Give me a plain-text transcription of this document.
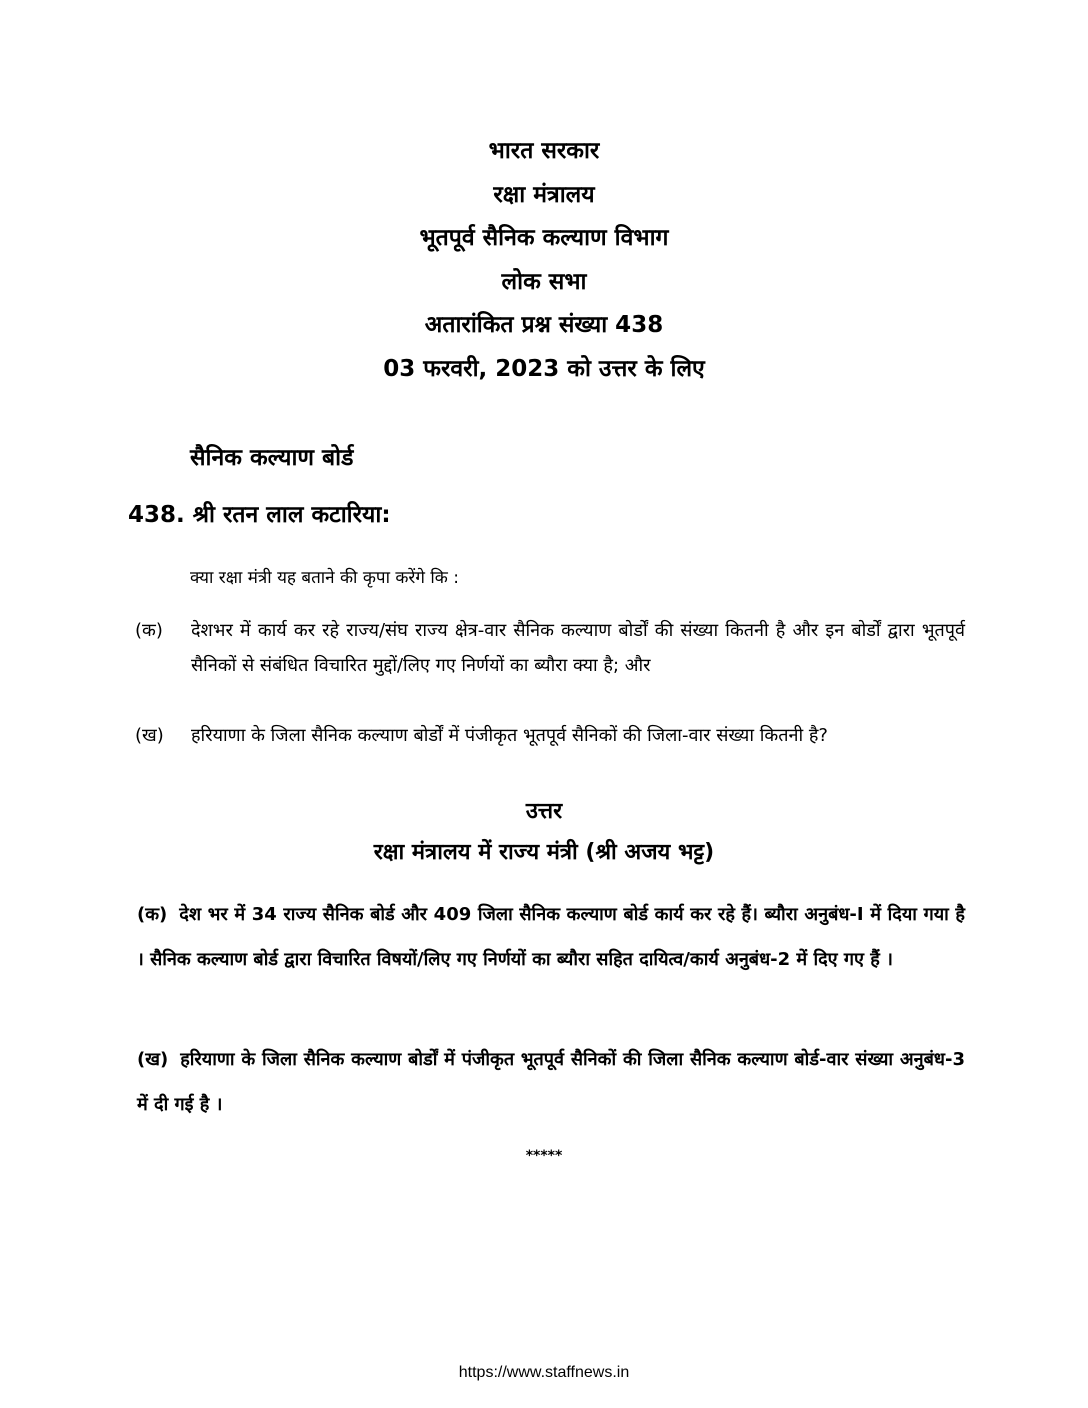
भारत सरकार
रक्षा मंत्रालय
भूतपूर्व सैनिक कल्याण विभाग
लोक सभा
अतारांकित प्रश्न संख्या 438
03 फरवरी, 2023 को उत्तर के लिए
सैनिक कल्याण बोर्ड
438. श्री रतन लाल कटारिया:
क्या रक्षा मंत्री यह बताने की कृपा करेंगे कि :
(क) देशभर में कार्य कर रहे राज्य/संघ राज्य क्षेत्र-वार सैनिक कल्याण बोर्डों की संख्या कितनी है और इन बोर्डों द्वारा भूतपूर्व सैनिकों से संबंधित विचारित मुद्दों/लिए गए निर्णयों का ब्यौरा क्या है; और
(ख) हरियाणा के जिला सैनिक कल्याण बोर्डों में पंजीकृत भूतपूर्व सैनिकों की जिला-वार संख्या कितनी है?
उत्तर
रक्षा मंत्रालय में राज्य मंत्री (श्री अजय भट्ट)
(क) देश भर में 34 राज्य सैनिक बोर्ड और 409 जिला सैनिक कल्याण बोर्ड कार्य कर रहे हैं। ब्यौरा अनुबंध-I में दिया गया है । सैनिक कल्याण बोर्ड द्वारा विचारित विषयों/लिए गए निर्णयों का ब्यौरा सहित दायित्व/कार्य अनुबंध-2 में दिए गए हैं ।
(ख) हरियाणा के जिला सैनिक कल्याण बोर्डों में पंजीकृत भूतपूर्व सैनिकों की जिला सैनिक कल्याण बोर्ड-वार संख्या अनुबंध-3 में दी गई है ।
*****
https://www.staffnews.in
